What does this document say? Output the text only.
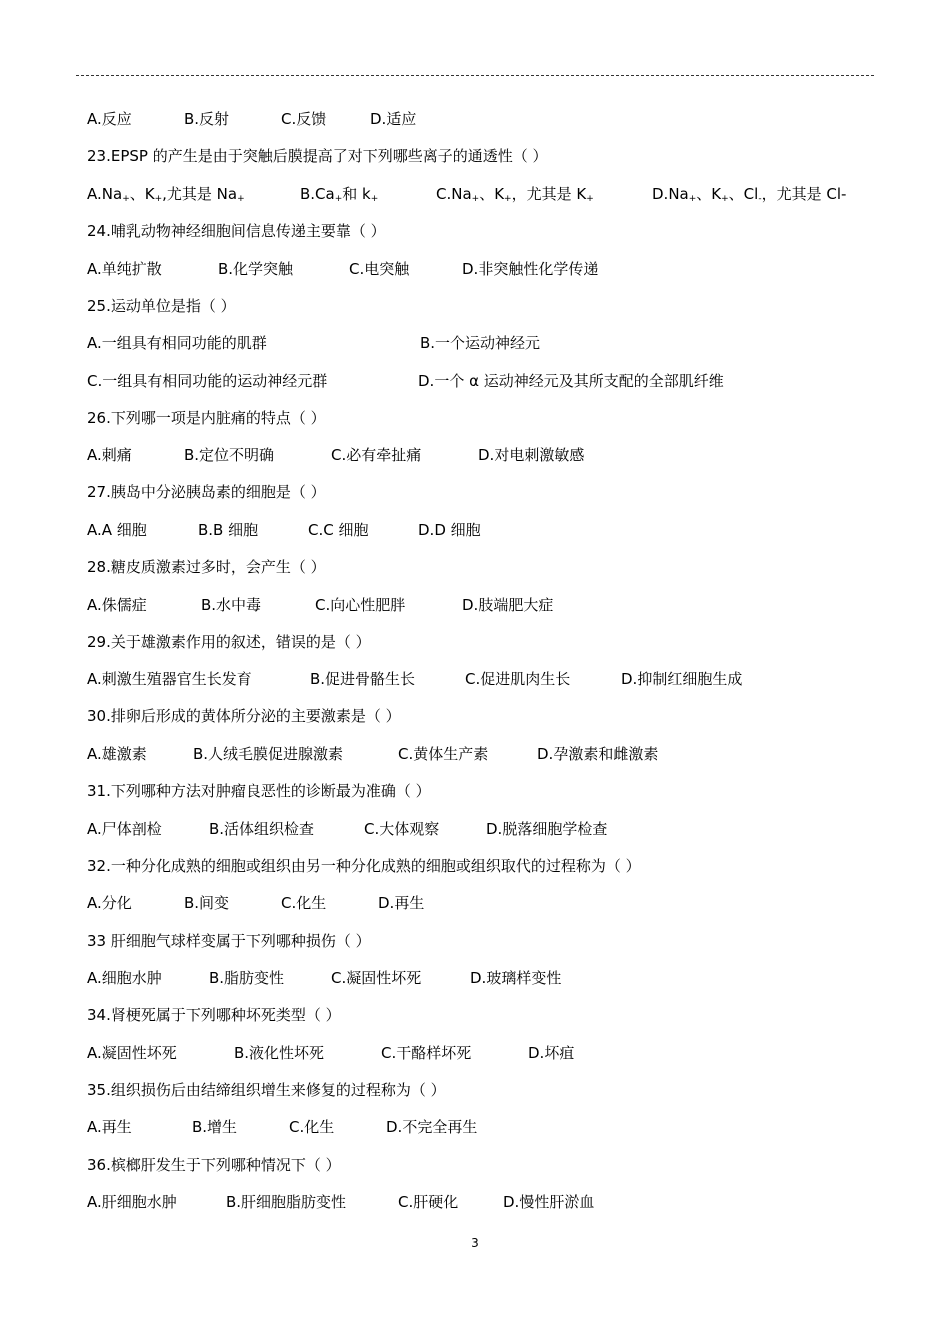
A.反应	B.反射	C.反馈	D.适应
23.EPSP 的产生是由于突触后膜提高了对下列哪些离子的通透性（ ）
$A.Na_+$、$K_+$,尤其是 $Na_+$	$B.Ca_+$和 $k_+$	$C.Na_+$、$K_+$，尤其是 $K_+$	$D.Na_+$、$K_+$、$Cl_-$，尤其是 Cl-
24.哺乳动物神经细胞间信息传递主要靠（ ）
A.单纯扩散	B.化学突触	C.电突触	D.非突触性化学传递
25.运动单位是指（ ）
A.一组具有相同功能的肌群	B.一个运动神经元
C.一组具有相同功能的运动神经元群	D.一个 α 运动神经元及其所支配的全部肌纤维
26.下列哪一项是内脏痛的特点（ ）
A.刺痛	B.定位不明确	C.必有牵扯痛	D.对电刺激敏感
27.胰岛中分泌胰岛素的细胞是（ ）
A.A 细胞	B.B 细胞	C.C 细胞	D.D 细胞
28.糖皮质激素过多时，会产生（ ）
A.侏儒症	B.水中毒	C.向心性肥胖	D.肢端肥大症
29.关于雄激素作用的叙述，错误的是（ ）
A.刺激生殖器官生长发育	B.促进骨骼生长	C.促进肌肉生长	D.抑制红细胞生成
30.排卵后形成的黄体所分泌的主要激素是（ ）
A.雄激素	B.人绒毛膜促进腺激素	C.黄体生产素	D.孕激素和雌激素
31.下列哪种方法对肿瘤良恶性的诊断最为准确（ ）
A.尸体剖检	B.活体组织检查	C.大体观察	D.脱落细胞学检查
32.一种分化成熟的细胞或组织由另一种分化成熟的细胞或组织取代的过程称为（ ）
A.分化	B.间变	C.化生	D.再生
33 肝细胞气球样变属于下列哪种损伤（ ）
A.细胞水肿	B.脂肪变性	C.凝固性坏死	D.玻璃样变性
34.肾梗死属于下列哪种坏死类型（ ）
A.凝固性坏死	B.液化性坏死	C.干酪样坏死	D.坏疽
35.组织损伤后由结缔组织增生来修复的过程称为（ ）
A.再生	B.增生	C.化生	D.不完全再生
36.槟榔肝发生于下列哪种情况下（ ）
A.肝细胞水肿	B.肝细胞脂肪变性	C.肝硬化	D.慢性肝淤血
3
